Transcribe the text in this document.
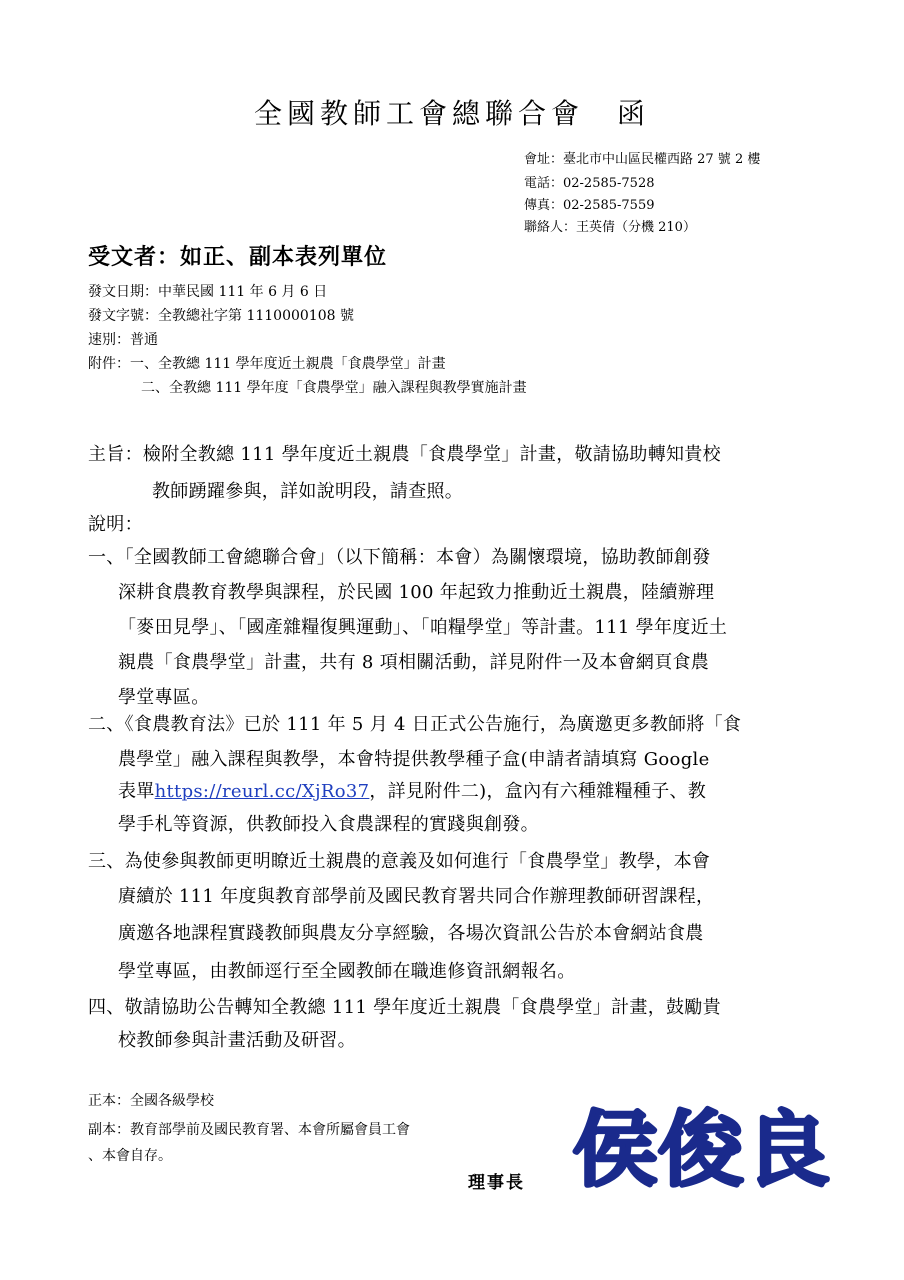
全國教師工會總聯合會　函
會址：臺北市中山區民權西路 27 號 2 樓
電話：02-2585-7528
傳真：02-2585-7559
聯絡人：王英倩（分機 210）
受文者：如正、副本表列單位
發文日期：中華民國 111 年 6 月 6 日
發文字號：全教總社字第 1110000108 號
速別：普通
附件：一、全教總 111 學年度近土親農「食農學堂」計畫
二、全教總 111 學年度「食農學堂」融入課程與教學實施計畫
主旨：檢附全教總 111 學年度近土親農「食農學堂」計畫，敬請協助轉知貴校
教師踴躍參與，詳如說明段，請查照。
說明：
一、「全國教師工會總聯合會」（以下簡稱：本會）為關懷環境，協助教師創發
深耕食農教育教學與課程，於民國 100 年起致力推動近土親農，陸續辦理
「麥田見學」、「國產雜糧復興運動」、「咱糧學堂」等計畫。111 學年度近土
親農「食農學堂」計畫，共有 8 項相關活動，詳見附件一及本會網頁食農
學堂專區。
二、《食農教育法》已於 111 年 5 月 4 日正式公告施行，為廣邀更多教師將「食
農學堂」融入課程與教學，本會特提供教學種子盒(申請者請填寫 Google
表單https://reurl.cc/XjRo37，詳見附件二)，盒內有六種雜糧種子、教
學手札等資源，供教師投入食農課程的實踐與創發。
三、為使參與教師更明瞭近土親農的意義及如何進行「食農學堂」教學，本會
賡續於 111 年度與教育部學前及國民教育署共同合作辦理教師研習課程，
廣邀各地課程實踐教師與農友分享經驗，各場次資訊公告於本會網站食農
學堂專區，由教師逕行至全國教師在職進修資訊網報名。
四、敬請協助公告轉知全教總 111 學年度近土親農「食農學堂」計畫，鼓勵貴
校教師參與計畫活動及研習。
正本：全國各級學校
副本：教育部學前及國民教育署、本會所屬會員工會
、本會自存。
理事長 侯俊良
